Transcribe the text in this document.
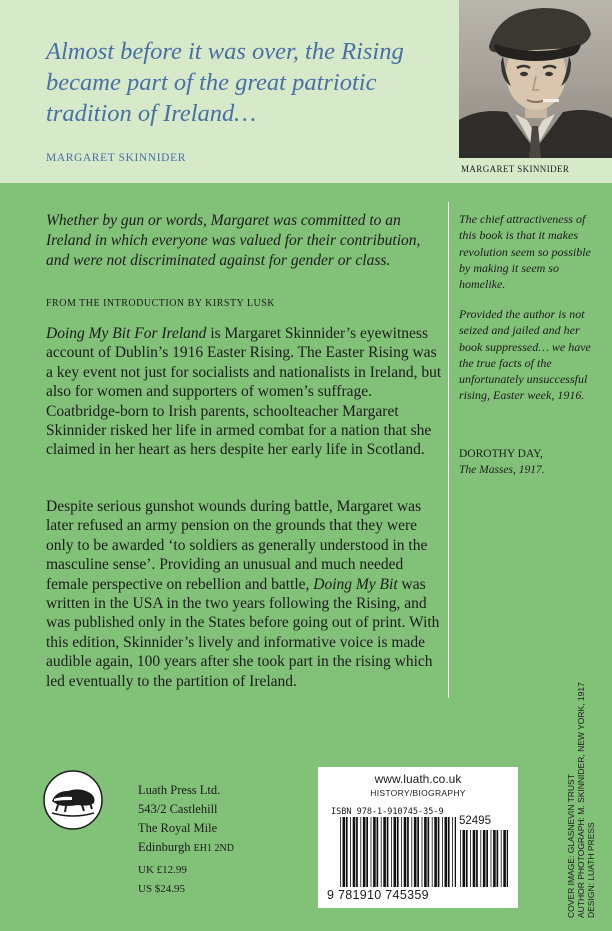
Almost before it was over, the Rising became part of the great patriotic tradition of Ireland…
MARGARET SKINNIDER
MARGARET SKINNIDER
Whether by gun or words, Margaret was committed to an Ireland in which everyone was valued for their contribution, and were not discriminated against for gender or class.
FROM THE INTRODUCTION BY KIRSTY LUSK

Doing My Bit For Ireland is Margaret Skinnider’s eyewitness account of Dublin’s 1916 Easter Rising. The Easter Rising was a key event not just for socialists and nationalists in Ireland, but also for women and supporters of women’s suffrage. Coatbridge-born to Irish parents, schoolteacher Margaret Skinnider risked her life in armed combat for a nation that she claimed in her heart as hers despite her early life in Scotland.

Despite serious gunshot wounds during battle, Margaret was later refused an army pension on the grounds that they were only to be awarded ‘to soldiers as generally understood in the masculine sense’. Providing an unusual and much needed female perspective on rebellion and battle, Doing My Bit was written in the USA in the two years following the Rising, and was published only in the States before going out of print. With this edition, Skinnider’s lively and informative voice is made audible again, 100 years after she took part in the rising which led eventually to the partition of Ireland.

The chief attractiveness of this book is that it makes revolution seem so possible by making it seem so homelike.

Provided the author is not seized and jailed and her book suppressed… we have the true facts of the unfortunately unsuccessful rising, Easter week, 1916.

DOROTHY DAY,
The Masses, 1917.
Luath Press Ltd.
543/2 Castlehill
The Royal Mile
Edinburgh EH1 2ND
UK £12.99
US $24.95
www.luath.co.uk
HISTORY/BIOGRAPHY
ISBN 978-1-910745-35-9
52495
9 781910 745359	COVER IMAGE: GLASNEVIN TRUST AUTHOR PHOTOGRAPH: M. SKINNIDER, NEW YORK, 1917 DESIGN: LUATH PRESS
